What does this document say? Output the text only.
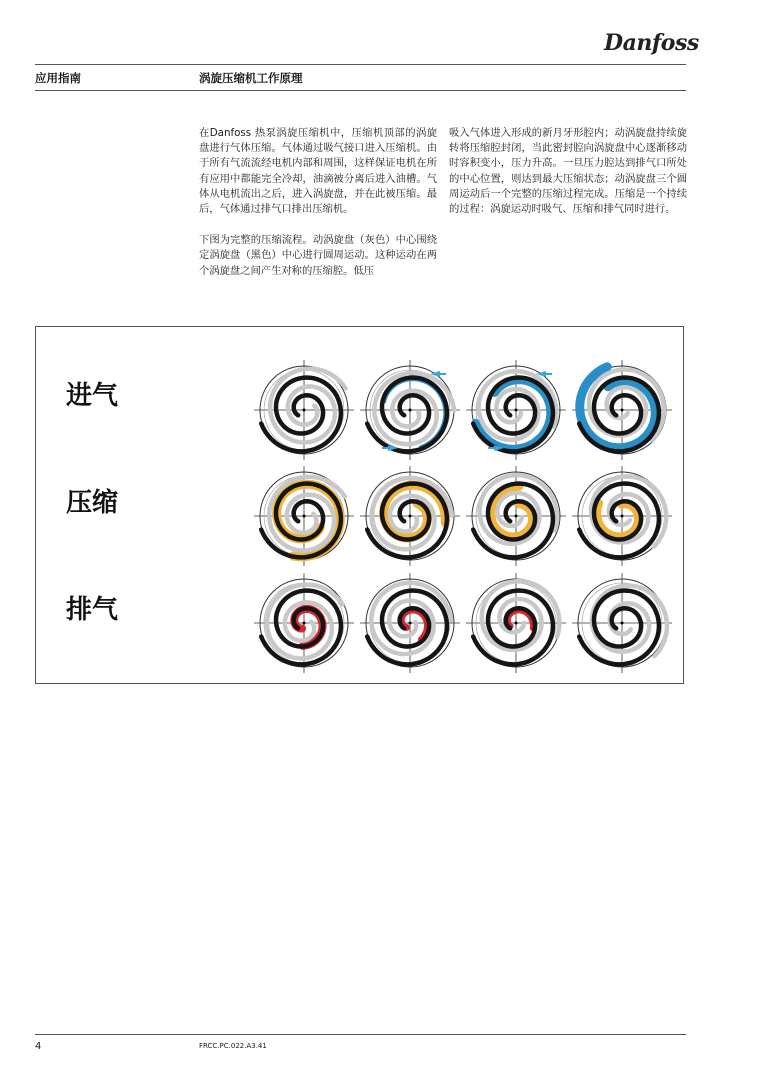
Danfoss
应用指南	涡旋压缩机工作原理

在Danfoss 热泵涡旋压缩机中，压缩机顶部的涡旋盘进行气体压缩。气体通过吸气接口进入压缩机。由于所有气流流经电机内部和周围，这样保证电机在所有应用中都能完全冷却，油滴被分离后进入油槽。气体从电机流出之后，进入涡旋盘，并在此被压缩。最后，气体通过排气口排出压缩机。

下图为完整的压缩流程。动涡旋盘（灰色）中心围绕定涡旋盘（黑色）中心进行圆周运动。这种运动在两个涡旋盘之间产生对称的压缩腔。低压

吸入气体进入形成的新月牙形腔内；动涡旋盘持续旋转将压缩腔封闭，当此密封腔向涡旋盘中心逐渐移动时容积变小，压力升高。一旦压力腔达到排气口所处的中心位置，则达到最大压缩状态；动涡旋盘三个圆周运动后一个完整的压缩过程完成。压缩是一个持续的过程：涡旋运动时吸气、压缩和排气同时进行。

进气
压缩
排气
4	FRCC.PC.022.A3.41
